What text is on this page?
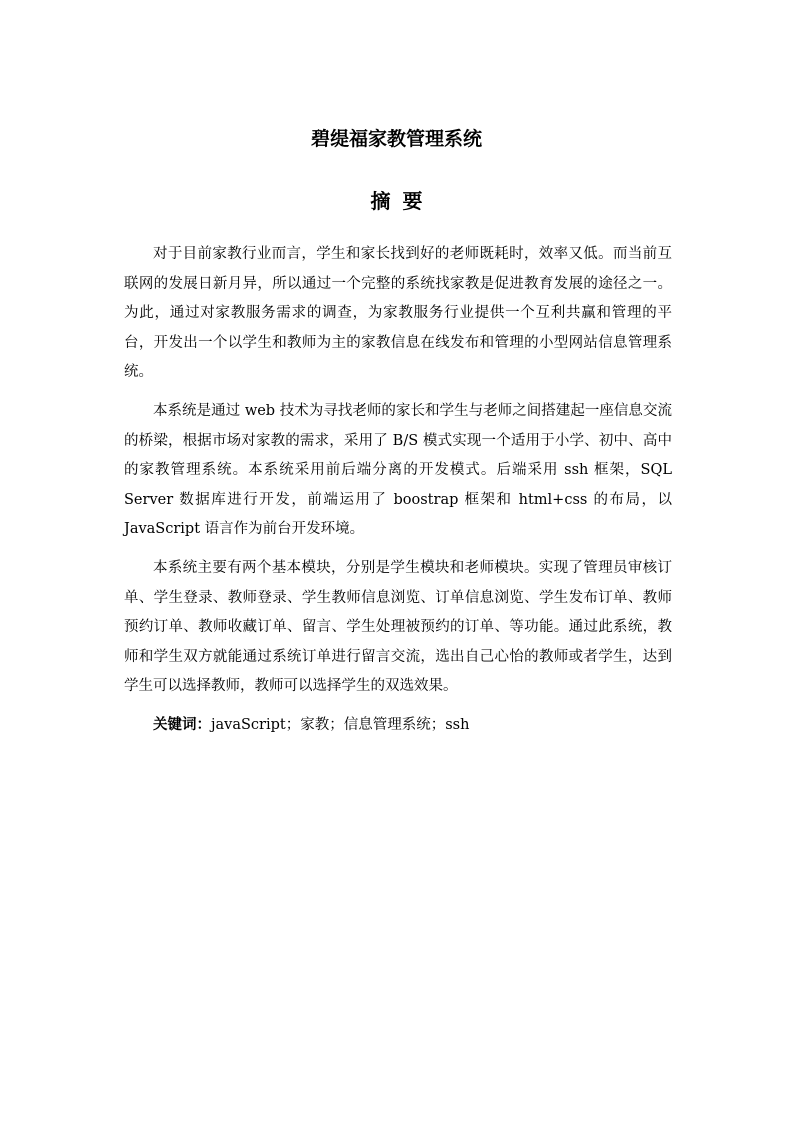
碧缇福家教管理系统
摘要

对于目前家教行业而言，学生和家长找到好的老师既耗时，效率又低。而当前互联网的发展日新月异，所以通过一个完整的系统找家教是促进教育发展的途径之一。为此，通过对家教服务需求的调查，为家教服务行业提供一个互利共赢和管理的平台，开发出一个以学生和教师为主的家教信息在线发布和管理的小型网站信息管理系统。

本系统是通过 web 技术为寻找老师的家长和学生与老师之间搭建起一座信息交流的桥梁，根据市场对家教的需求，采用了 B/S 模式实现一个适用于小学、初中、高中的家教管理系统。本系统采用前后端分离的开发模式。后端采用 ssh 框架，SQL Server 数据库进行开发，前端运用了 boostrap 框架和 html+css 的布局，以 JavaScript 语言作为前台开发环境。

本系统主要有两个基本模块，分别是学生模块和老师模块。实现了管理员审核订单、学生登录、教师登录、学生教师信息浏览、订单信息浏览、学生发布订单、教师预约订单、教师收藏订单、留言、学生处理被预约的订单、等功能。通过此系统，教师和学生双方就能通过系统订单进行留言交流，选出自己心怡的教师或者学生，达到学生可以选择教师，教师可以选择学生的双选效果。

关键词：javaScript；家教；信息管理系统；ssh
